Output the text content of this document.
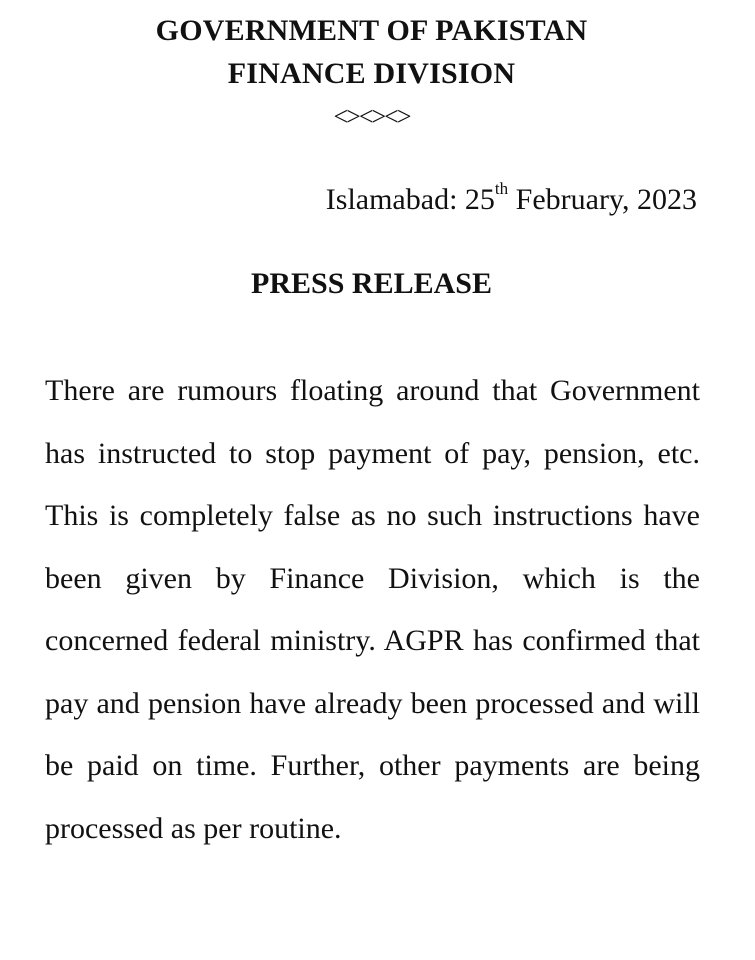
GOVERNMENT OF PAKISTAN
FINANCE DIVISION
<><><>
Islamabad: 25th February, 2023
PRESS RELEASE

There are rumours floating around that Government has instructed to stop payment of pay, pension, etc. This is completely false as no such instructions have been given by Finance Division, which is the concerned federal ministry. AGPR has confirmed that pay and pension have already been processed and will be paid on time. Further, other payments are being processed as per routine.
